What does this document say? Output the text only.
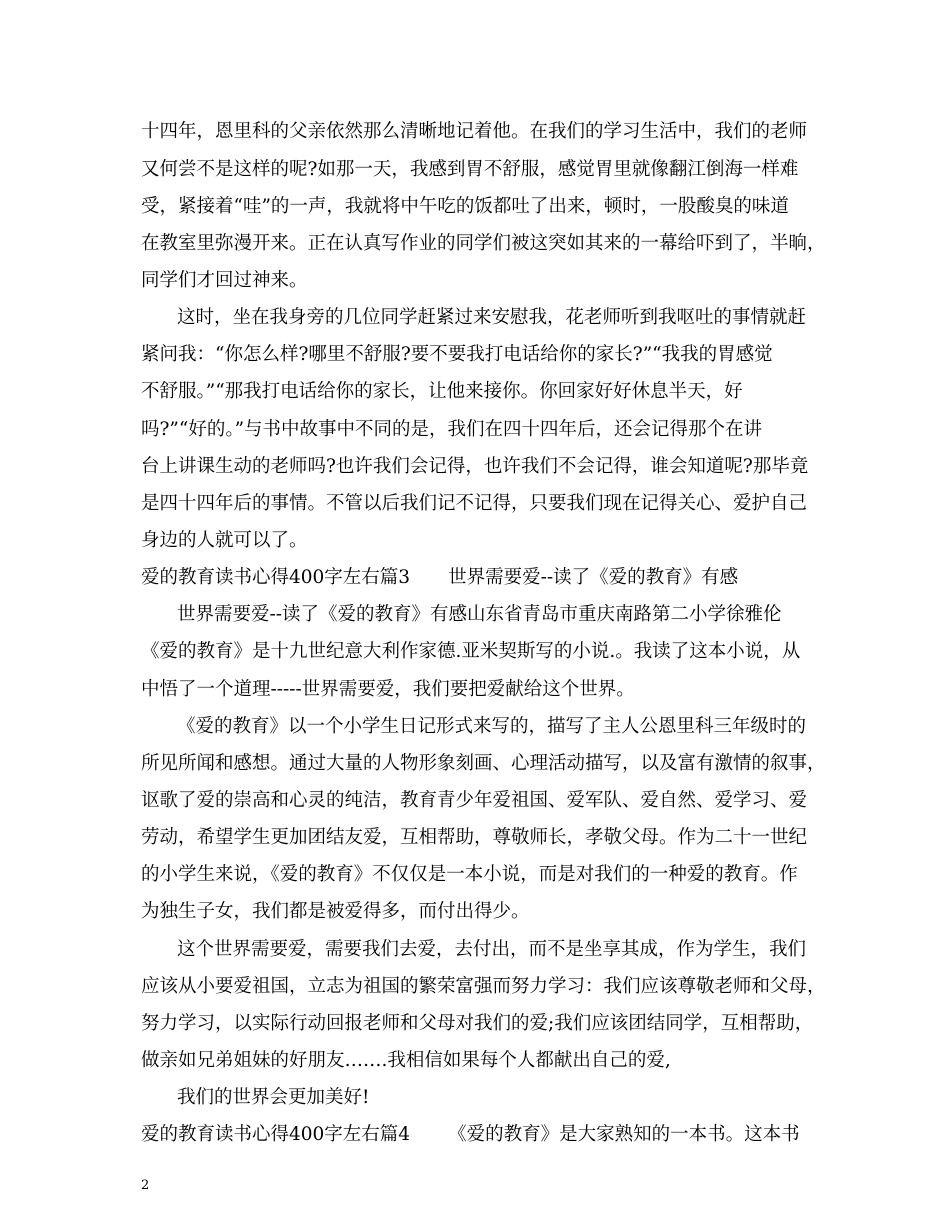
十四年，恩里科的父亲依然那么清晰地记着他。在我们的学习生活中，我们的老师
又何尝不是这样的呢?如那一天，我感到胃不舒服，感觉胃里就像翻江倒海一样难
受，紧接着“哇”的一声，我就将中午吃的饭都吐了出来，顿时，一股酸臭的味道
在教室里弥漫开来。正在认真写作业的同学们被这突如其来的一幕给吓到了，半晌，
同学们才回过神来。
这时，坐在我身旁的几位同学赶紧过来安慰我，花老师听到我呕吐的事情就赶
紧问我：“你怎么样?哪里不舒服?要不要我打电话给你的家长?”“我我的胃感觉
不舒服。”“那我打电话给你的家长，让他来接你。你回家好好休息半天，好
吗?”“好的。”与书中故事中不同的是，我们在四十四年后，还会记得那个在讲
台上讲课生动的老师吗?也许我们会记得，也许我们不会记得，谁会知道呢?那毕竟
是四十四年后的事情。不管以后我们记不记得，只要我们现在记得关心、爱护自己
身边的人就可以了。
爱的教育读书心得400字左右篇3 世界需要爱--读了《爱的教育》有感
世界需要爱--读了《爱的教育》有感山东省青岛市重庆南路第二小学徐雅伦
《爱的教育》是十九世纪意大利作家德.亚米契斯写的小说.。我读了这本小说，从
中悟了一个道理-----世界需要爱，我们要把爱献给这个世界。
《爱的教育》以一个小学生日记形式来写的，描写了主人公恩里科三年级时的
所见所闻和感想。通过大量的人物形象刻画、心理活动描写，以及富有激情的叙事，
讴歌了爱的崇高和心灵的纯洁，教育青少年爱祖国、爱军队、爱自然、爱学习、爱
劳动，希望学生更加团结友爱，互相帮助，尊敬师长，孝敬父母。作为二十一世纪
的小学生来说，《爱的教育》不仅仅是一本小说，而是对我们的一种爱的教育。作
为独生子女，我们都是被爱得多，而付出得少。
这个世界需要爱，需要我们去爱，去付出，而不是坐享其成，作为学生，我们
应该从小要爱祖国，立志为祖国的繁荣富强而努力学习：我们应该尊敬老师和父母，
努力学习，以实际行动回报老师和父母对我们的爱;我们应该团结同学，互相帮助，
做亲如兄弟姐妹的好朋友…….我相信如果每个人都献出自己的爱,
我们的世界会更加美好!
爱的教育读书心得400字左右篇4 《爱的教育》是大家熟知的一本书。这本书
2
